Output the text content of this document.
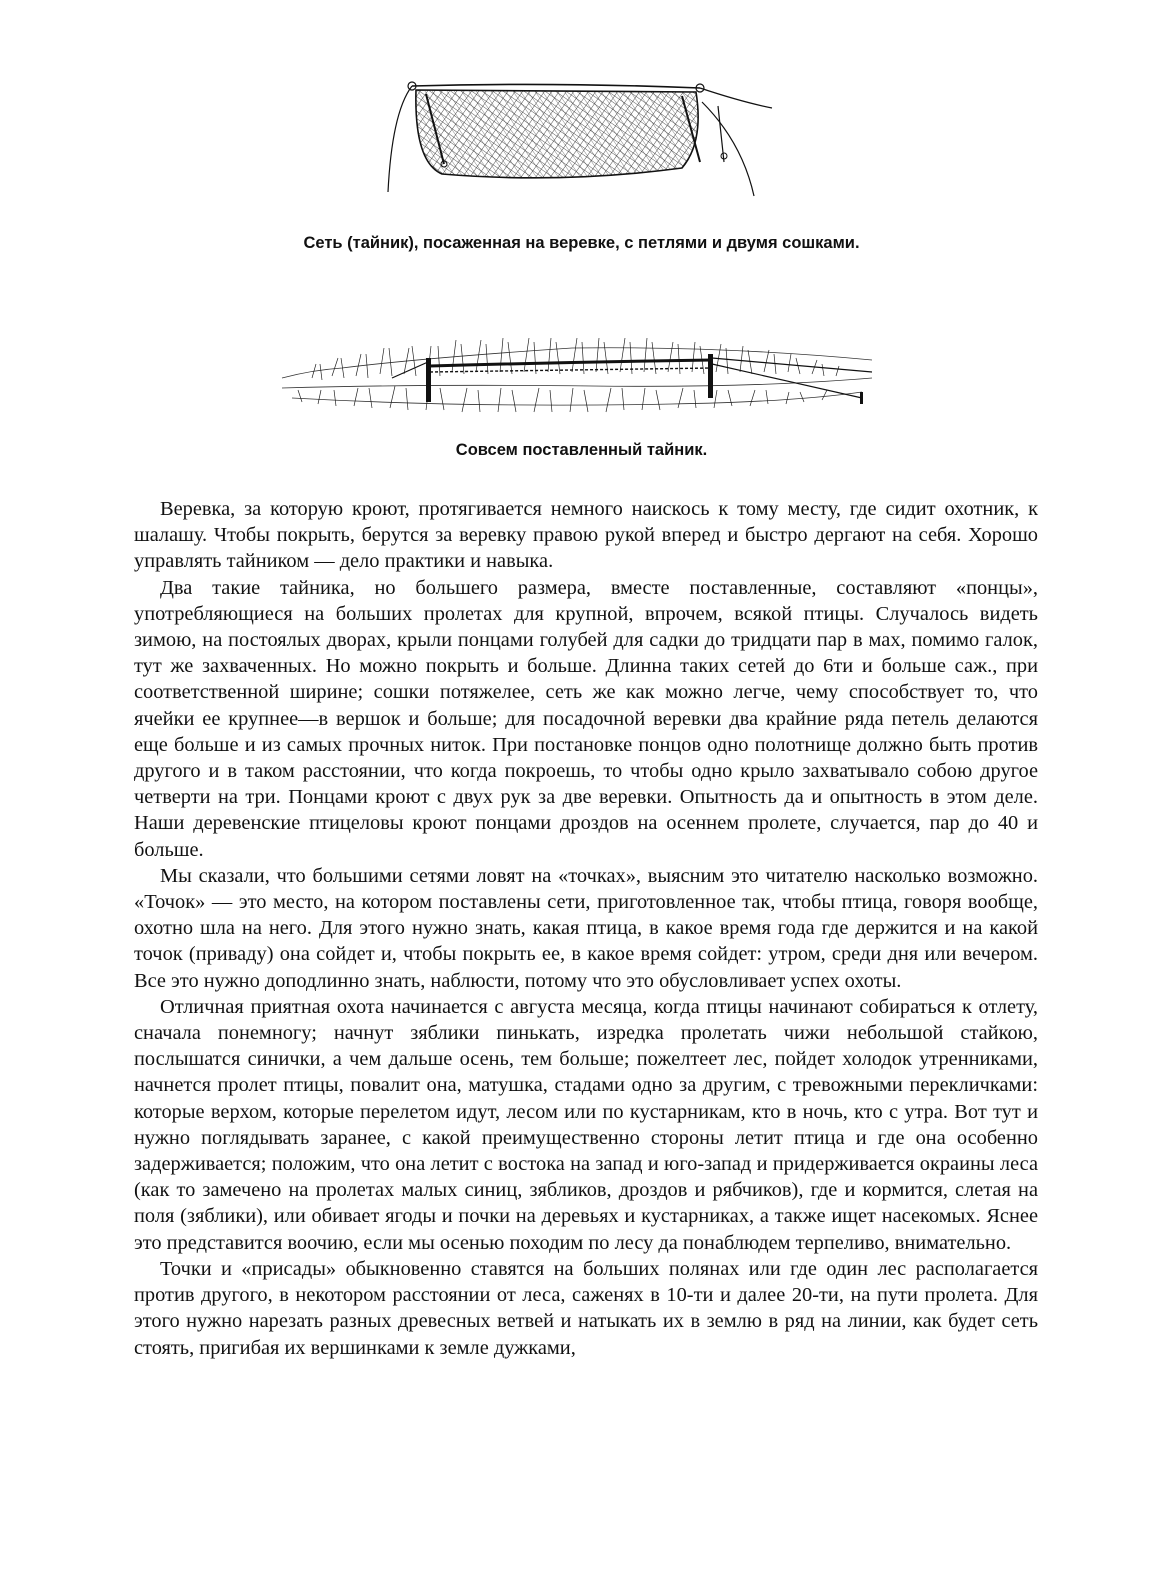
Сеть (тайник), посаженная на веревке, с петлями и двумя сошками.
Совсем поставленный тайник.

Веревка, за которую кроют, протягивается немного наискось к тому месту, где сидит охотник, к шалашу. Чтобы покрыть, берутся за веревку правою рукой вперед и быстро дергают на себя. Хорошо управлять тайником — дело практики и навыка.

Два такие тайника, но большего размера, вместе поставленные, составляют «понцы», употребляющиеся на больших пролетах для крупной, впрочем, всякой птицы. Случалось видеть зимою, на постоялых дворах, крыли понцами голубей для садки до тридцати пар в мах, помимо галок, тут же захваченных. Но можно покрыть и больше. Длинна таких сетей до 6ти и больше саж., при соответственной ширине; сошки потяжелее, сеть же как можно легче, чему способствует то, что ячейки ее крупнее—в вершок и больше; для посадочной веревки два крайние ряда петель делаются еще больше и из самых прочных ниток. При постановке понцов одно полотнище должно быть против другого и в таком расстоянии, что когда покроешь, то чтобы одно крыло захватывало собою другое четверти на три. Понцами кроют с двух рук за две веревки. Опытность да и опытность в этом деле. Наши деревенские птицеловы кроют понцами дроздов на осеннем пролете, случается, пар до 40 и больше.

Мы сказали, что большими сетями ловят на «точках», выясним это читателю насколько возможно. «Точок» — это место, на котором поставлены сети, приготовленное так, чтобы птица, говоря вообще, охотно шла на него. Для этого нужно знать, какая птица, в какое время года где держится и на какой точок (приваду) она сойдет и, чтобы покрыть ее, в какое время сойдет: утром, среди дня или вечером. Все это нужно доподлинно знать, наблюсти, потому что это обусловливает успех охоты.

Отличная приятная охота начинается с августа месяца, когда птицы начинают собираться к отлету, сначала понемногу; начнут зяблики пинькать, изредка пролетать чижи небольшой стайкою, послышатся синички, а чем дальше осень, тем больше; пожелтеет лес, пойдет холодок утренниками, начнется пролет птицы, повалит она, матушка, стадами одно за другим, с тревожными перекличками: которые верхом, которые перелетом идут, лесом или по кустарникам, кто в ночь, кто с утра. Вот тут и нужно поглядывать заранее, с какой преимущественно стороны летит птица и где она особенно задерживается; положим, что она летит с востока на запад и юго-запад и придерживается окраины леса (как то замечено на пролетах малых синиц, зябликов, дроздов и рябчиков), где и кормится, слетая на поля (зяблики), или обивает ягоды и почки на деревьях и кустарниках, а также ищет насекомых. Яснее это представится воочию, если мы осенью походим по лесу да понаблюдем терпеливо, внимательно.

Точки и «присады» обыкновенно ставятся на больших полянах или где один лес располагается против другого, в некотором расстоянии от леса, саженях в 10-ти и далее 20-ти, на пути пролета. Для этого нужно нарезать разных древесных ветвей и натыкать их в землю в ряд на линии, как будет сеть стоять, пригибая их вершинками к земле дужками,
